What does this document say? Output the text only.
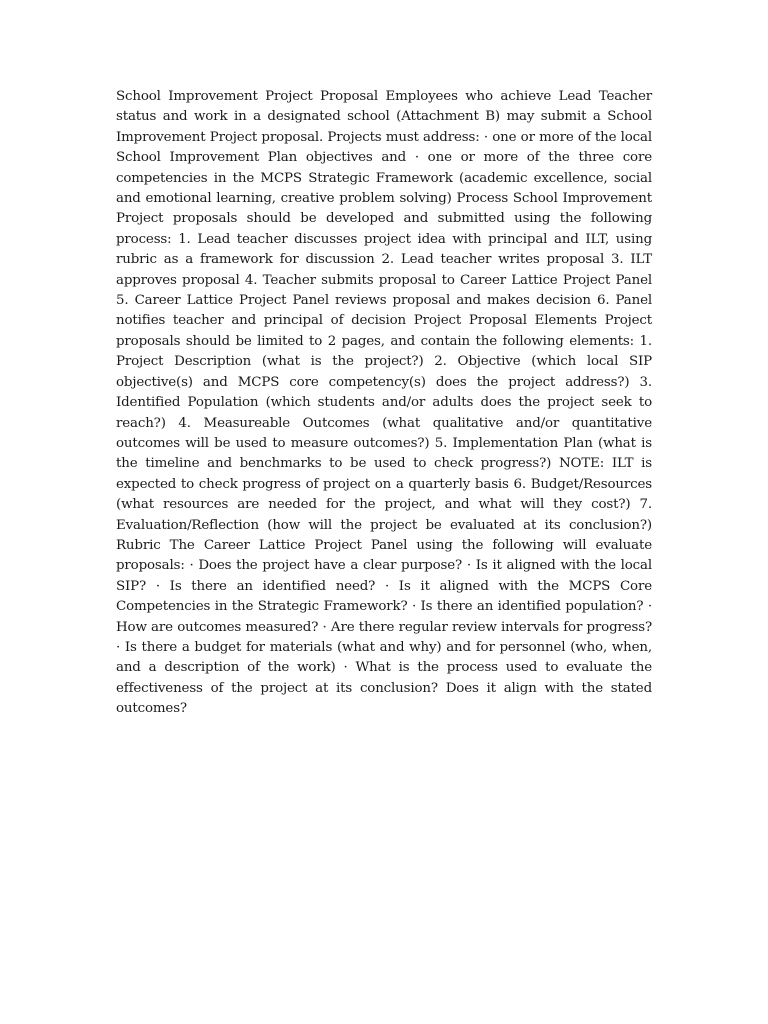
School Improvement Project Proposal Employees who achieve Lead Teacher status and work in a designated school (Attachment B) may submit a School Improvement Project proposal. Projects must address: · one or more of the local School Improvement Plan objectives and · one or more of the three core competencies in the MCPS Strategic Framework (academic excellence, social and emotional learning, creative problem solving) Process School Improvement Project proposals should be developed and submitted using the following process: 1. Lead teacher discusses project idea with principal and ILT, using rubric as a framework for discussion 2. Lead teacher writes proposal 3. ILT approves proposal 4. Teacher submits proposal to Career Lattice Project Panel 5. Career Lattice Project Panel reviews proposal and makes decision 6. Panel notifies teacher and principal of decision Project Proposal Elements Project proposals should be limited to 2 pages, and contain the following elements: 1. Project Description (what is the project?) 2. Objective (which local SIP objective(s) and MCPS core competency(s) does the project address?) 3. Identified Population (which students and/or adults does the project seek to reach?) 4. Measureable Outcomes (what qualitative and/or quantitative outcomes will be used to measure outcomes?) 5. Implementation Plan (what is the timeline and benchmarks to be used to check progress?) NOTE: ILT is expected to check progress of project on a quarterly basis 6. Budget/Resources (what resources are needed for the project, and what will they cost?) 7. Evaluation/Reflection (how will the project be evaluated at its conclusion?) Rubric The Career Lattice Project Panel using the following will evaluate proposals: · Does the project have a clear purpose? · Is it aligned with the local SIP? · Is there an identified need? · Is it aligned with the MCPS Core Competencies in the Strategic Framework? · Is there an identified population? · How are outcomes measured? · Are there regular review intervals for progress? · Is there a budget for materials (what and why) and for personnel (who, when, and a description of the work) · What is the process used to evaluate the effectiveness of the project at its conclusion? Does it align with the stated outcomes?
